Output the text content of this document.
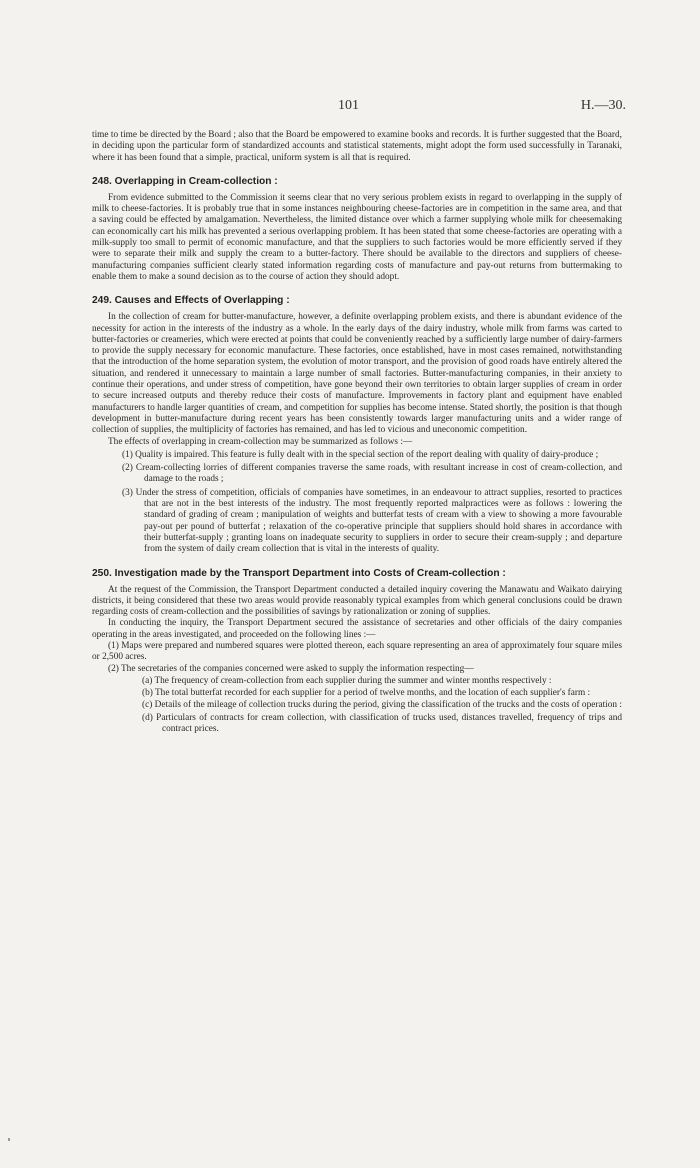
101	H.—30.

time to time be directed by the Board ; also that the Board be empowered to examine books and records. It is further suggested that the Board, in deciding upon the particular form of standardized accounts and statistical statements, might adopt the form used successfully in Taranaki, where it has been found that a simple, practical, uniform system is all that is required.

248. Overlapping in Cream-collection :

From evidence submitted to the Commission it seems clear that no very serious problem exists in regard to overlapping in the supply of milk to cheese-factories. It is probably true that in some instances neighbouring cheese-factories are in competition in the same area, and that a saving could be effected by amalgamation. Nevertheless, the limited distance over which a farmer supplying whole milk for cheesemaking can economically cart his milk has prevented a serious overlapping problem. It has been stated that some cheese-factories are operating with a milk-supply too small to permit of economic manufacture, and that the suppliers to such factories would be more efficiently served if they were to separate their milk and supply the cream to a butter-factory. There should be available to the directors and suppliers of cheese-manufacturing companies sufficient clearly stated information regarding costs of manufacture and pay-out returns from buttermaking to enable them to make a sound decision as to the course of action they should adopt.

249. Causes and Effects of Overlapping :

In the collection of cream for butter-manufacture, however, a definite overlapping problem exists, and there is abundant evidence of the necessity for action in the interests of the industry as a whole. In the early days of the dairy industry, whole milk from farms was carted to butter-factories or creameries, which were erected at points that could be conveniently reached by a sufficiently large number of dairy-farmers to provide the supply necessary for economic manufacture. These factories, once established, have in most cases remained, notwithstanding that the introduction of the home separation system, the evolution of motor transport, and the provision of good roads have entirely altered the situation, and rendered it unnecessary to maintain a large number of small factories. Butter-manufacturing companies, in their anxiety to continue their operations, and under stress of competition, have gone beyond their own territories to obtain larger supplies of cream in order to secure increased outputs and thereby reduce their costs of manufacture. Improvements in factory plant and equipment have enabled manufacturers to handle larger quantities of cream, and competition for supplies has become intense. Stated shortly, the position is that though development in butter-manufacture during recent years has been consistently towards larger manufacturing units and a wider range of collection of supplies, the multiplicity of factories has remained, and has led to vicious and uneconomic competition.

The effects of overlapping in cream-collection may be summarized as follows :—

(1) Quality is impaired. This feature is fully dealt with in the special section of the report dealing with quality of dairy-produce ;

(2) Cream-collecting lorries of different companies traverse the same roads, with resultant increase in cost of cream-collection, and damage to the roads ;

(3) Under the stress of competition, officials of companies have sometimes, in an endeavour to attract supplies, resorted to practices that are not in the best interests of the industry. The most frequently reported malpractices were as follows : lowering the standard of grading of cream ; manipulation of weights and butterfat tests of cream with a view to showing a more favourable pay-out per pound of butterfat ; relaxation of the co-operative principle that suppliers should hold shares in accordance with their butterfat-supply ; granting loans on inadequate security to suppliers in order to secure their cream-supply ; and departure from the system of daily cream collection that is vital in the interests of quality.

250. Investigation made by the Transport Department into Costs of Cream-collection :

At the request of the Commission, the Transport Department conducted a detailed inquiry covering the Manawatu and Waikato dairying districts, it being considered that these two areas would provide reasonably typical examples from which general conclusions could be drawn regarding costs of cream-collection and the possibilities of savings by rationalization or zoning of supplies.

In conducting the inquiry, the Transport Department secured the assistance of secretaries and other officials of the dairy companies operating in the areas investigated, and proceeded on the following lines :—

(1) Maps were prepared and numbered squares were plotted thereon, each square representing an area of approximately four square miles or 2,500 acres.

(2) The secretaries of the companies concerned were asked to supply the information respecting—

(a) The frequency of cream-collection from each supplier during the summer and winter months respectively :

(b) The total butterfat recorded for each supplier for a period of twelve months, and the location of each supplier's farm :

(c) Details of the mileage of collection trucks during the period, giving the classification of the trucks and the costs of operation :

(d) Particulars of contracts for cream collection, with classification of trucks used, distances travelled, frequency of trips and contract prices.
